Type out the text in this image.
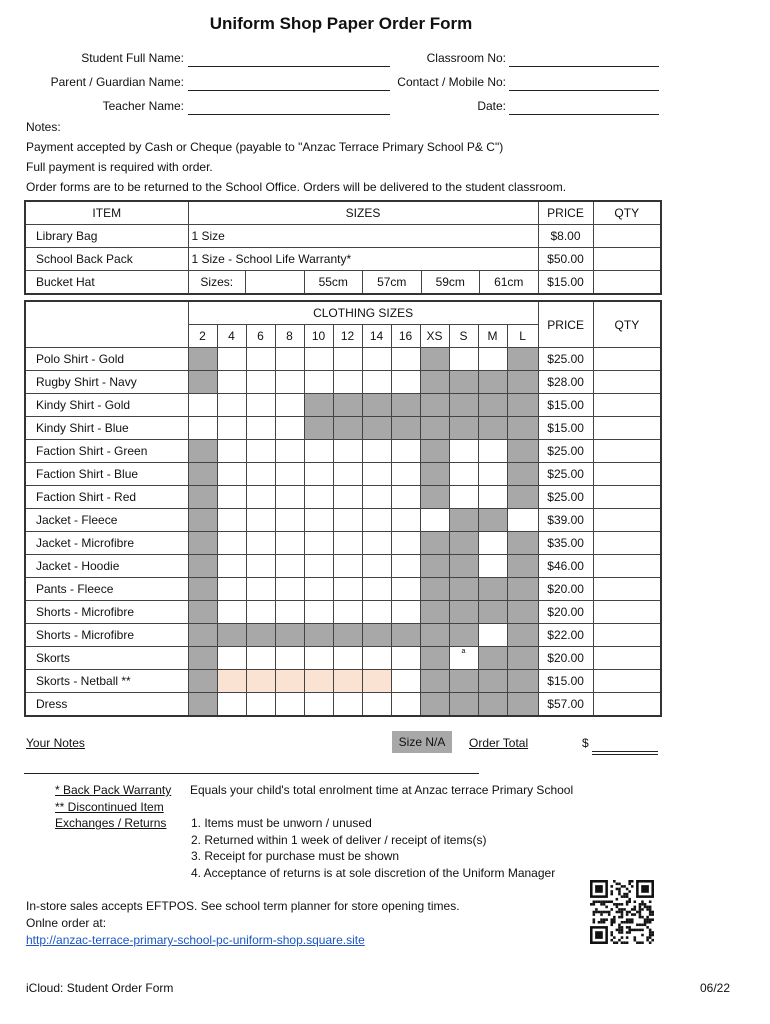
Uniform Shop Paper Order Form
Student Full Name:
Parent / Guardian Name:
Teacher Name:
Classroom No:
Contact / Mobile No:
Date:
Notes:
Payment accepted by Cash or Cheque (payable to "Anzac Terrace Primary School P& C")
Full payment is required with order.
Order forms are to be returned to the School Office. Orders will be delivered to the student classroom.
ITEM	SIZES	PRICE	QTY
Library Bag	1 Size	$8.00	
School Back Pack	1 Size - School Life Warranty*	$50.00	
Bucket Hat	Sizes: 55cm 57cm 59cm 61cm	$15.00	
	CLOTHING SIZES												PRICE	QTY
	2	4	6	8	10	12	14	16	XS	S	M	L		
Polo Shirt - Gold													$25.00	
Rugby Shirt - Navy													$28.00	
Kindy Shirt - Gold													$15.00	
Kindy Shirt - Blue													$15.00	
Faction Shirt - Green													$25.00	
Faction Shirt - Blue													$25.00	
Faction Shirt - Red													$25.00	
Jacket - Fleece													$39.00	
Jacket - Microfibre													$35.00	
Jacket - Hoodie													$46.00	
Pants - Fleece													$20.00	
Shorts - Microfibre													$20.00	
Shorts - Microfibre													$22.00	
Skorts										a			$20.00	
Skorts - Netball **													$15.00	
Dress													$57.00	
Your Notes	Size N/A	Order Total	$
* Back Pack Warranty Equals your child's total enrolment time at Anzac terrace Primary School
** Discontinued Item
Exchanges / Returns 1. Items must be unworn / unused
2. Returned within 1 week of deliver / receipt of items(s)
3. Receipt for purchase must be shown
4. Acceptance of returns is at sole discretion of the Uniform Manager
In-store sales accepts EFTPOS. See school term planner for store opening times.
Onlne order at:
http://anzac-terrace-primary-school-pc-uniform-shop.square.site
iCloud: Student Order Form	06/22
